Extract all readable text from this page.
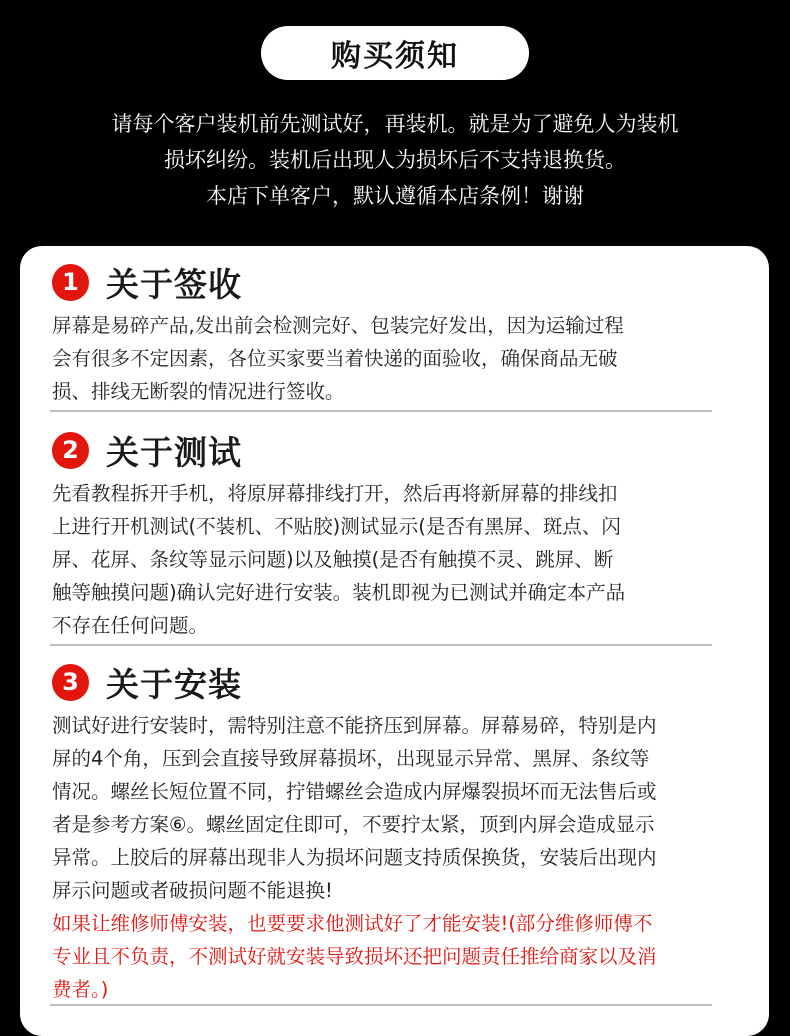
购买须知
请每个客户装机前先测试好，再装机。就是为了避免人为装机
损坏纠纷。装机后出现人为损坏后不支持退换货。
本店下单客户，默认遵循本店条例！谢谢
1 关于签收
屏幕是易碎产品,发出前会检测完好、包装完好发出，因为运输过程
会有很多不定因素，各位买家要当着快递的面验收，确保商品无破
损、排线无断裂的情况进行签收。
2 关于测试
先看教程拆开手机，将原屏幕排线打开，然后再将新屏幕的排线扣
上进行开机测试(不装机、不贴胶)测试显示(是否有黑屏、斑点、闪
屏、花屏、条纹等显示问题)以及触摸(是否有触摸不灵、跳屏、断
触等触摸问题)确认完好进行安装。装机即视为已测试并确定本产品
不存在任何问题。
3 关于安装
测试好进行安装时，需特别注意不能挤压到屏幕。屏幕易碎，特别是内
屏的4个角，压到会直接导致屏幕损坏，出现显示异常、黑屏、条纹等
情况。螺丝长短位置不同，拧错螺丝会造成内屏爆裂损坏而无法售后或
者是参考方案⑥。螺丝固定住即可，不要拧太紧，顶到内屏会造成显示
异常。上胶后的屏幕出现非人为损坏问题支持质保换货，安装后出现内
屏示问题或者破损问题不能退换!
如果让维修师傅安装，也要要求他测试好了才能安装!(部分维修师傅不
专业且不负责，不测试好就安装导致损坏还把问题责任推给商家以及消
费者。)
